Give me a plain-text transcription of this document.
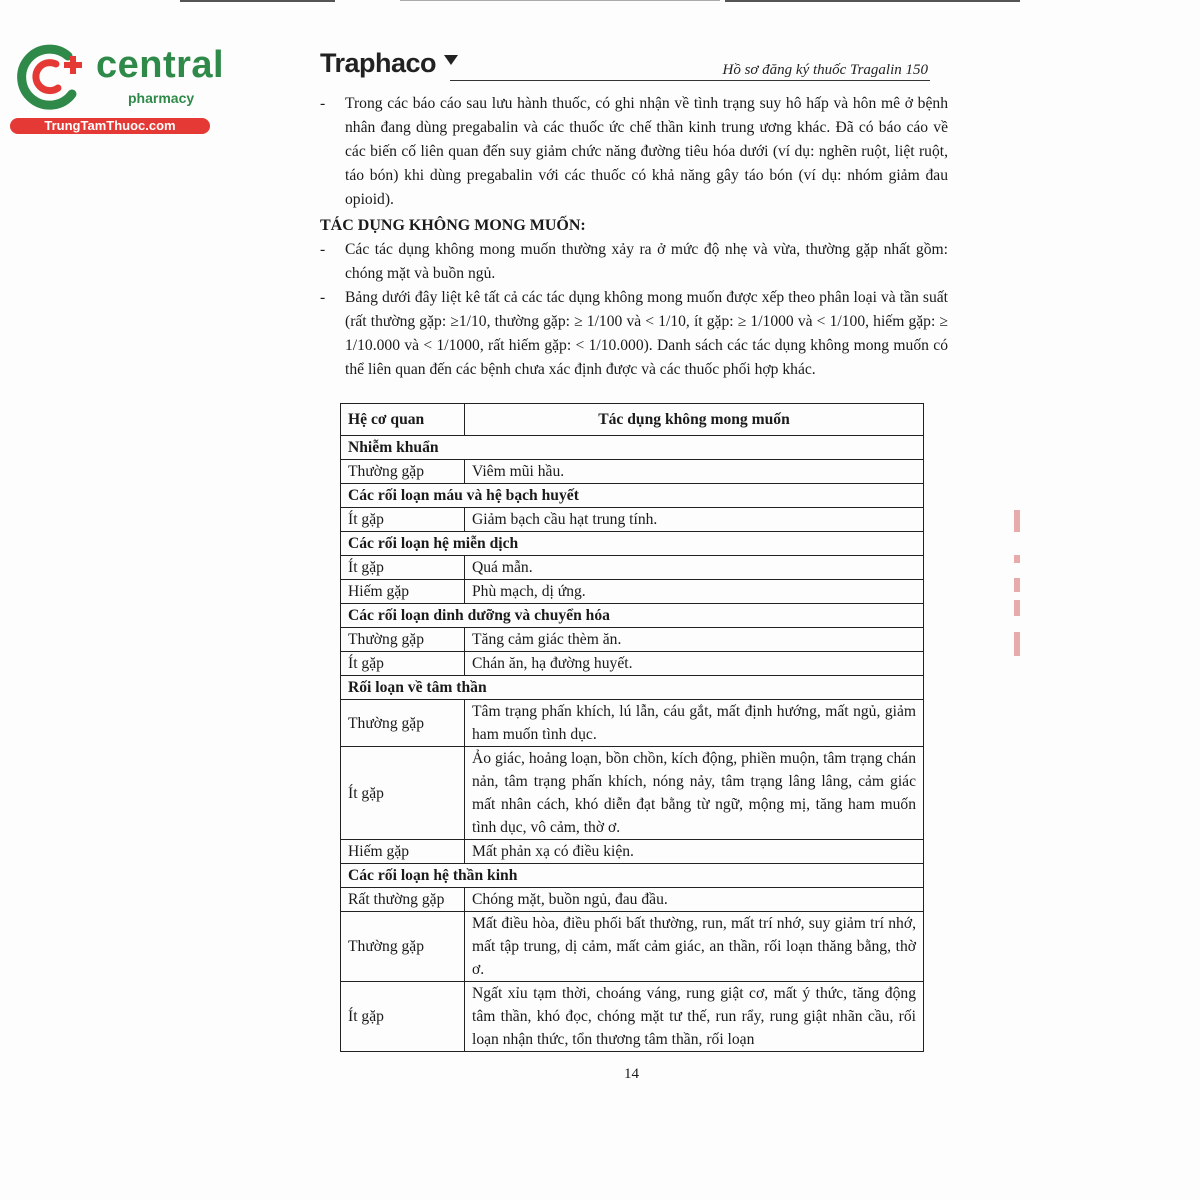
central
pharmacy
TrungTamThuoc.com
Traphaco	Hồ sơ đăng ký thuốc Tragalin 150
- Trong các báo cáo sau lưu hành thuốc, có ghi nhận về tình trạng suy hô hấp và hôn mê ở bệnh nhân đang dùng pregabalin và các thuốc ức chế thần kinh trung ương khác. Đã có báo cáo về các biến cố liên quan đến suy giảm chức năng đường tiêu hóa dưới (ví dụ: nghẽn ruột, liệt ruột, táo bón) khi dùng pregabalin với các thuốc có khả năng gây táo bón (ví dụ: nhóm giảm đau opioid).
TÁC DỤNG KHÔNG MONG MUỐN:
- Các tác dụng không mong muốn thường xảy ra ở mức độ nhẹ và vừa, thường gặp nhất gồm: chóng mặt và buồn ngủ.
- Bảng dưới đây liệt kê tất cả các tác dụng không mong muốn được xếp theo phân loại và tần suất (rất thường gặp: ≥1/10, thường gặp: ≥ 1/100 và < 1/10, ít gặp: ≥ 1/1000 và < 1/100, hiếm gặp: ≥ 1/10.000 và < 1/1000, rất hiếm gặp: < 1/10.000). Danh sách các tác dụng không mong muốn có thể liên quan đến các bệnh chưa xác định được và các thuốc phối hợp khác.
Hệ cơ quan	Tác dụng không mong muốn
Nhiễm khuẩn	
Thường gặp	Viêm mũi hầu.
Các rối loạn máu và hệ bạch huyết	
Ít gặp	Giảm bạch cầu hạt trung tính.
Các rối loạn hệ miễn dịch	
Ít gặp	Quá mẫn.
Hiếm gặp	Phù mạch, dị ứng.
Các rối loạn dinh dưỡng và chuyển hóa	
Thường gặp	Tăng cảm giác thèm ăn.
Ít gặp	Chán ăn, hạ đường huyết.
Rối loạn về tâm thần	
Thường gặp	Tâm trạng phấn khích, lú lẫn, cáu gắt, mất định hướng, mất ngủ, giảm ham muốn tình dục.
Ít gặp	Ảo giác, hoảng loạn, bồn chồn, kích động, phiền muộn, tâm trạng chán nản, tâm trạng phấn khích, nóng nảy, tâm trạng lâng lâng, cảm giác mất nhân cách, khó diễn đạt bằng từ ngữ, mộng mị, tăng ham muốn tình dục, vô cảm, thờ ơ.
Hiếm gặp	Mất phản xạ có điều kiện.
Các rối loạn hệ thần kinh	
Rất thường gặp	Chóng mặt, buồn ngủ, đau đầu.
Thường gặp	Mất điều hòa, điều phối bất thường, run, mất trí nhớ, suy giảm trí nhớ, mất tập trung, dị cảm, mất cảm giác, an thần, rối loạn thăng bằng, thờ ơ.
Ít gặp	Ngất xỉu tạm thời, choáng váng, rung giật cơ, mất ý thức, tăng động tâm thần, khó đọc, chóng mặt tư thế, run rẩy, rung giật nhãn cầu, rối loạn nhận thức, tổn thương tâm thần, rối loạn
14
